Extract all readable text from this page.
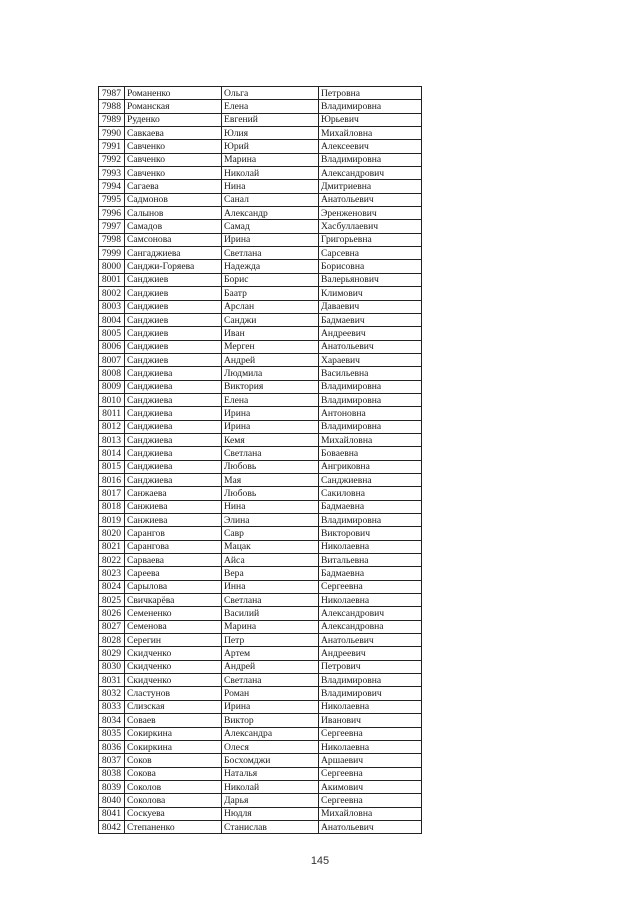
7987	Романенко	Ольга	Петровна
7988	Романская	Елена	Владимировна
7989	Руденко	Евгений	Юрьевич
7990	Савкаева	Юлия	Михайловна
7991	Савченко	Юрий	Алексеевич
7992	Савченко	Марина	Владимировна
7993	Савченко	Николай	Александрович
7994	Сагаева	Нина	Дмитриевна
7995	Садмонов	Санал	Анатольевич
7996	Салынов	Александр	Эренженович
7997	Самадов	Самад	Хасбуллаевич
7998	Самсонова	Ирина	Григорьевна
7999	Сангаджиева	Светлана	Сарсевна
8000	Санджи-Горяева	Надежда	Борисовна
8001	Санджиев	Борис	Валерьянович
8002	Санджиев	Баатр	Климович
8003	Санджиев	Арслан	Даваевич
8004	Санджиев	Санджи	Бадмаевич
8005	Санджиев	Иван	Андреевич
8006	Санджиев	Мерген	Анатольевич
8007	Санджиев	Андрей	Хараевич
8008	Санджиева	Людмила	Васильевна
8009	Санджиева	Виктория	Владимировна
8010	Санджиева	Елена	Владимировна
8011	Санджиева	Ирина	Антоновна
8012	Санджиева	Ирина	Владимировна
8013	Санджиева	Кемя	Михайловна
8014	Санджиева	Светлана	Боваевна
8015	Санджиева	Любовь	Ангриковна
8016	Санджиева	Мая	Санджиевна
8017	Санжаева	Любовь	Сакиловна
8018	Санжиева	Нина	Бадмаевна
8019	Санжиева	Элина	Владимировна
8020	Сарангов	Савр	Викторович
8021	Сарангова	Мацак	Николаевна
8022	Сарваева	Айса	Витальевна
8023	Сареева	Вера	Бадмаевна
8024	Сарылова	Инна	Сергеевна
8025	Свичкарёва	Светлана	Николаевна
8026	Семененко	Василий	Александрович
8027	Семенова	Марина	Александровна
8028	Серегин	Петр	Анатольевич
8029	Скидченко	Артем	Андреевич
8030	Скидченко	Андрей	Петрович
8031	Скидченко	Светлана	Владимировна
8032	Сластунов	Роман	Владимирович
8033	Слизская	Ирина	Николаевна
8034	Соваев	Виктор	Иванович
8035	Сокиркина	Александра	Сергеевна
8036	Сокиркина	Олеся	Николаевна
8037	Соков	Босхомджи	Аршаевич
8038	Сокова	Наталья	Сергеевна
8039	Соколов	Николай	Акимович
8040	Соколова	Дарья	Сергеевна
8041	Соскуева	Нюдля	Михайловна
8042	Степаненко	Станислав	Анатольевич
145
